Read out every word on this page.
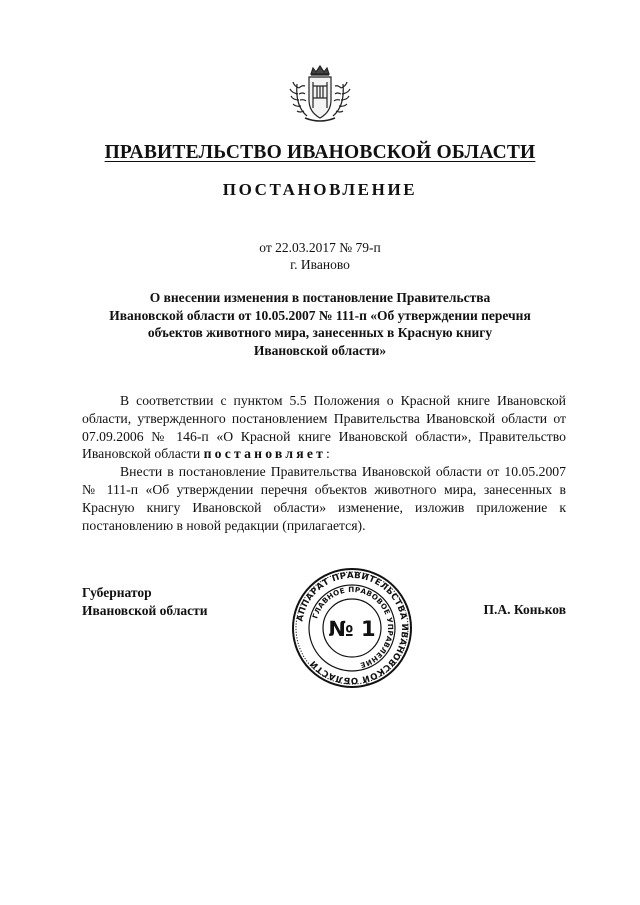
ПРАВИТЕЛЬСТВО ИВАНОВСКОЙ ОБЛАСТИ
ПОСТАНОВЛЕНИЕ
от 22.03.2017 № 79-п
г. Иваново
О внесении изменения в постановление Правительства
Ивановской области от 10.05.2007 № 111-п «Об утверждении перечня
объектов животного мира, занесенных в Красную книгу
Ивановской области»

В соответствии с пунктом 5.5 Положения о Красной книге Ивановской области, утвержденного постановлением Правительства Ивановской области от 07.09.2006 № 146-п «О Красной книге Ивановской области», Правительство Ивановской области постановляет:

Внести в постановление Правительства Ивановской области от 10.05.2007 № 111-п «Об утверждении перечня объектов животного мира, занесенных в Красную книгу Ивановской области» изменение, изложив приложение к постановлению в новой редакции (прилагается).

Губернатор
Ивановской области	АППАРАТ ПРАВИТЕЛЬСТВА ИВАНОВСКОЙ ОБЛАСТИ
ГЛАВНОЕ ПРАВОВОЕ УПРАВЛЕНИЕ
№ 1
П.А. Коньков
